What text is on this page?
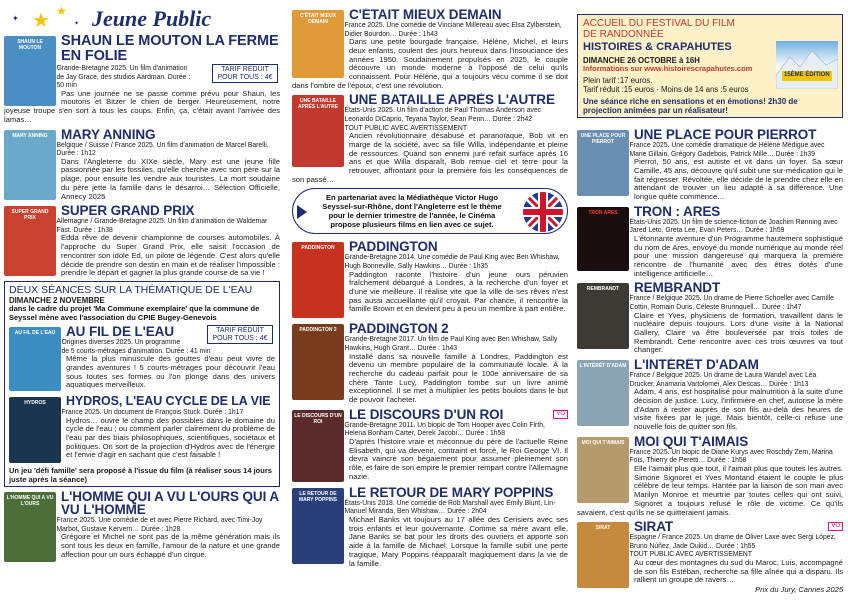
★ ★
✦
✦ Jeune Public
SHAUN LE MOUTON	SHAUN LE MOUTON LA FERME EN FOLIE
TARIF RÉDUIT POUR TOUS : 4€
Grande-Bretagne 2025. Un film d'animation de Jay Grace, des studios Aardman. Durée : 50 min
Pas une journée ne se passe comme prévu pour Shaun, les moutons et Bitzer le chien de berger. Heureusement, notre joyeuse troupe s'en sort à tous les coups. Enfin, ça, c'était avant l'arrivée des lamas…
MARY ANNING MARY ANNING
Belgique / Suisse / France 2025. Un film d'animation de Marcel Barelli. Durée : 1h12
Dans l'Angleterre du XIXe siècle, Mary est une jeune fille passionnée par les fossiles, qu'elle cherche avec son père sur la plage, pour ensuite les vendre aux touristes. La mort soudaine du père jette la famille dans le désarroi… Sélection Officielle, Annecy 2025
SUPER GRAND PRIX	SUPER GRAND PRIX
Allemagne / Grande-Bretagne 2025. Un film d'animation de Waldemar Fast. Durée : 1h38
Edda rêve de devenir championne de courses automobiles. À l'approche du Super Grand Prix, elle saisit l'occasion de rencontrer son idole Ed, un pilote de légende. C'est alors qu'elle décide de prendre son destin en main et de réaliser l'impossible : prendre le départ et gagner la plus grande course de sa vie !
DEUX SÉANCES SUR LA THÉMATIQUE DE L'EAU
DIMANCHE 2 NOVEMBRE
dans le cadre du projet 'Ma Commune exemplaire' que la commune de Seyssel mène avec l'association du CPIE Bugey-Genevois
AU FIL DE L'EAU	TARIF RÉDUIT POUR TOUS : 4€
AU FIL DE L'EAU
Origines diverses 2025. Un programme de 5 courts-métrages d'animation. Durée : 41 min
Même la plus minuscule des gouttes d'eau peut vivre de grandes aventures ! 5 courts-métrages pour découvrir l'eau sous toutes ses formes ou l'on plonge dans des univers aquatiques merveilleux.
HYDROS	HYDROS, L'EAU CYCLE DE LA VIE
France 2025. Un document de François Stuck. Durée : 1h17
Hydros… ouvre le champ des possibles dans le domaine du cycle de l'eau ; ou comment parler clairement du problème de l'eau par des biais philosophiques, scientifiques, sociétaux et politiques. On sort de la projection d'Hydros avec de l'énergie et l'envie d'agir en sachant que c'est faisable !
Un jeu 'défi famille' sera proposé à l'issue du film (à réaliser sous 14 jours juste après la séance)
L'HOMME QUI A VU L'OURS	L'HOMME QUI A VU L'OURS QUI A VU L'HOMME
France 2025. Une comédie de et avec Pierre Richard, avec Timi-Joy Marbot, Gustave Kervern… Durée : 1h28
Grégoire et Michel ne sont pas de la même génération mais ils sont tous les deux en famille, l'amour de la nature et une grande affection pour un ours échappé d'un cirque.
C'ÉTAIT MIEUX DEMAIN	C'ÉTAIT MIEUX DEMAIN
France 2025. Une comédie de Vinciane Millereau avec Elsa Zylberstein, Didier Bourdon… Durée : 1h43
Dans une petite bourgade française, Hélène, Michel, et leurs deux enfants, coulent des jours heureux dans l'insouciance des années 1950. Soudainement propulsés en 2025, le couple découvre un monde moderne à l'opposé de celui qu'ils connaissent. Pour Hélène, qui a toujours vécu comme il se doit dans l'ombre de l'époux, c'est une révolution.
UNE BATAILLE APRÈS L'AUTRE UNE BATAILLE APRÈS L'AUTRE
États-Unis 2025. Un film d'action de Paul Thomas Anderson avec Leonardo DiCaprio, Teyana Taylor, Sean Penn… Durée : 2h42
TOUT PUBLIC AVEC AVERTISSEMENT
Ancien révolutionnaire désabusé et paranoïaque, Bob vit en marge de la société, avec sa fille Willa, indépendante et pleine de ressources. Quand son ennemi juré refait surface après 16 ans et que Willa disparaît, Bob remue ciel et terre pour la retrouver, affrontant pour la première fois les conséquences de son passé…
En partenariat avec la Médiathèque Victor Hugo Seyssel-sur-Rhône, dont l'Angleterre est le thème pour le dernier trimestre de l'année, le Cinéma propose plusieurs films en lien avec ce sujet.
PADDINGTON	PADDINGTON
Grande-Bretagne 2014. Une comédie de Paul King avec Ben Whishaw, Hugh Bonneville, Sally Hawkins… Durée : 1h35
Paddington raconte l'histoire d'un jeune ours péruvien fraîchement débarqué à Londres, à la recherche d'un foyer et d'une vie meilleure. Il réalise vite que la ville de ses rêves n'est pas aussi accueillante qu'il croyait. Par chance, il rencontre la famille Brown et en devient peu à peu un membre à part entière.
PADDINGTON 2 PADDINGTON 2
Grande-Bretagne 2017. Un film de Paul King avec Ben Whishaw, Sally Hawkins, Hugh Grant… Durée : 1h43
Installé dans sa nouvelle famille à Londres, Paddington est devenu un membre populaire de la communauté locale. À la recherche du cadeau parfait pour le 100e anniversaire de sa chère Tante Lucy, Paddington tombe sur un livre animé exceptionnel. Il se met à multiplier les petits boulots dans le but de pouvoir l'acheter.
LE DISCOURS D'UN ROI
VO
LE DISCOURS D'UN ROI
Grande-Bretagne 2011. Un biopic de Tom Hooper avec Colin Firth, Helena Bonham Carter, Derek Jacobi… Durée : 1h58
D'après l'histoire vraie et méconnue du père de l'actuelle Reine Elisabeth, qui va devenir, contraint et forcé, le Roi George VI. Il devra vaincre son bégaiement pour assumer pleinement son rôle, et faire de son empire le premier rempart contre l'Allemagne nazie.
LE RETOUR DE MARY POPPINS LE RETOUR DE MARY POPPINS
États-Unis 2018. Une comédie de Rob Marshall avec Emily Blunt, Lin-Manuel Miranda, Ben Whishaw… Durée : 2h04
Michael Banks vit toujours au 17 allée des Cerisiers avec ses trois enfants et leur gouvernante. Comme sa mère avant elle, Jane Banks se bat pour les droits des ouvriers et apporte son aide à la famille de Michael. Lorsque la famille subit une perte tragique, Mary Poppins réapparaît magiquement dans la vie de la famille.
ACCUEIL DU FESTIVAL DU FILM
DE RANDONNÉE
HISTOIRES & CRAPAHUTES
DIMANCHE 26 OCTOBRE à 16H
Informations sur www.histoirescrapahutes.com
Plein tarif :17 euros.
Tarif réduit :15 euros · Moins de 14 ans :5 euros
Une séance riche en sensations et en émotions! 2h30 de projection animées par un réalisateur!
15ÈME ÉDITION
UNE PLACE POUR PIERROT	UNE PLACE POUR PIERROT
France 2025. Une comédie dramatique de Hélène Médigue avec Marie Gillain, Grégory Gadebois, Patrick Mille… Durée : 1h39
Pierrot, 50 ans, est autiste et vit dans un foyer. Sa sœur Camille, 45 ans, découvre qu'il subit une sur-médication qui le fait régresser. Révoltée, elle décide de le prendre chez elle en attendant de trouver un lieu adapté à sa différence. Une longue quête commence…
TRON ARES	TRON : ARES
États-Unis 2025. Un film de science-fiction de Joachim Rønning avec Jared Leto, Greta Lee, Evan Peters… Durée : 1h59
L'étonnante aventure d'un Programme hautement sophistiqué du nom de Ares, envoyé du monde numérique au monde réel pour une mission dangereuse qui marquera la première rencontre de l'humanité avec des êtres dotés d'une intelligence artificielle…
REMBRANDT	REMBRANDT
France / Belgique 2025. Un drame de Pierre Schoeller avec Camille Cottin, Romain Duris, Céleste Brunnquell… Durée : 1h47
Claire et Yves, physiciens de formation, travaillent dans le nucléaire depuis toujours. Lors d'une visite à la National Gallery, Claire va être bouleversée par trois toiles de Rembrandt. Cette rencontre avec ces trois œuvres va tout changer.
L'INTÉRÊT D'ADAM L'INTÉRÊT D'ADAM
France / Belgique 2025. Un drame de Laura Wandel avec Léa Drucker, Anamaria Vartolomei, Alex Descas… Durée : 1h13
Adam, 4 ans, est hospitalisé pour malnutrition à la suite d'une décision de justice. Lucy, l'infirmière en chef, autorise la mère d'Adam à rester auprès de son fils au-delà des heures de visite fixées par le juge. Mais bientôt, celle-ci refuse une nouvelle fois de quitter son fils.
MOI QUI T'AIMAIS MOI QUI T'AIMAIS
France 2025. Un biopic de Diane Kurys avec Roschdy Zem, Marina Foïs, Thierry de Peretti… Durée : 1h58
Elle l'aimait plus que tout, il l'aimait plus que toutes les autres. Simone Signoret et Yves Montand étaient le couple le plus célèbre de leur temps. Hantée par la liaison de son mari avec Marilyn Monroe et meurtrie par toutes celles qui ont suivi, Signoret a toujours refusé le rôle de victime. Ce qu'ils savaient, c'est qu'ils ne se quitteraient jamais.
SIRAT	VO
SIRAT
Espagne / France 2025. Un drame de Oliver Laxe avec Sergi López, Bruno Núñez, Jade Oukid… Durée : 1h55
TOUT PUBLIC AVEC AVERTISSEMENT
Au cœur des montagnes du sud du Maroc, Luis, accompagné de son fils Estéban, recherche sa fille aînée qui a disparu. Ils rallient un groupe de ravers…
Prix du Jury, Cannes 2025
